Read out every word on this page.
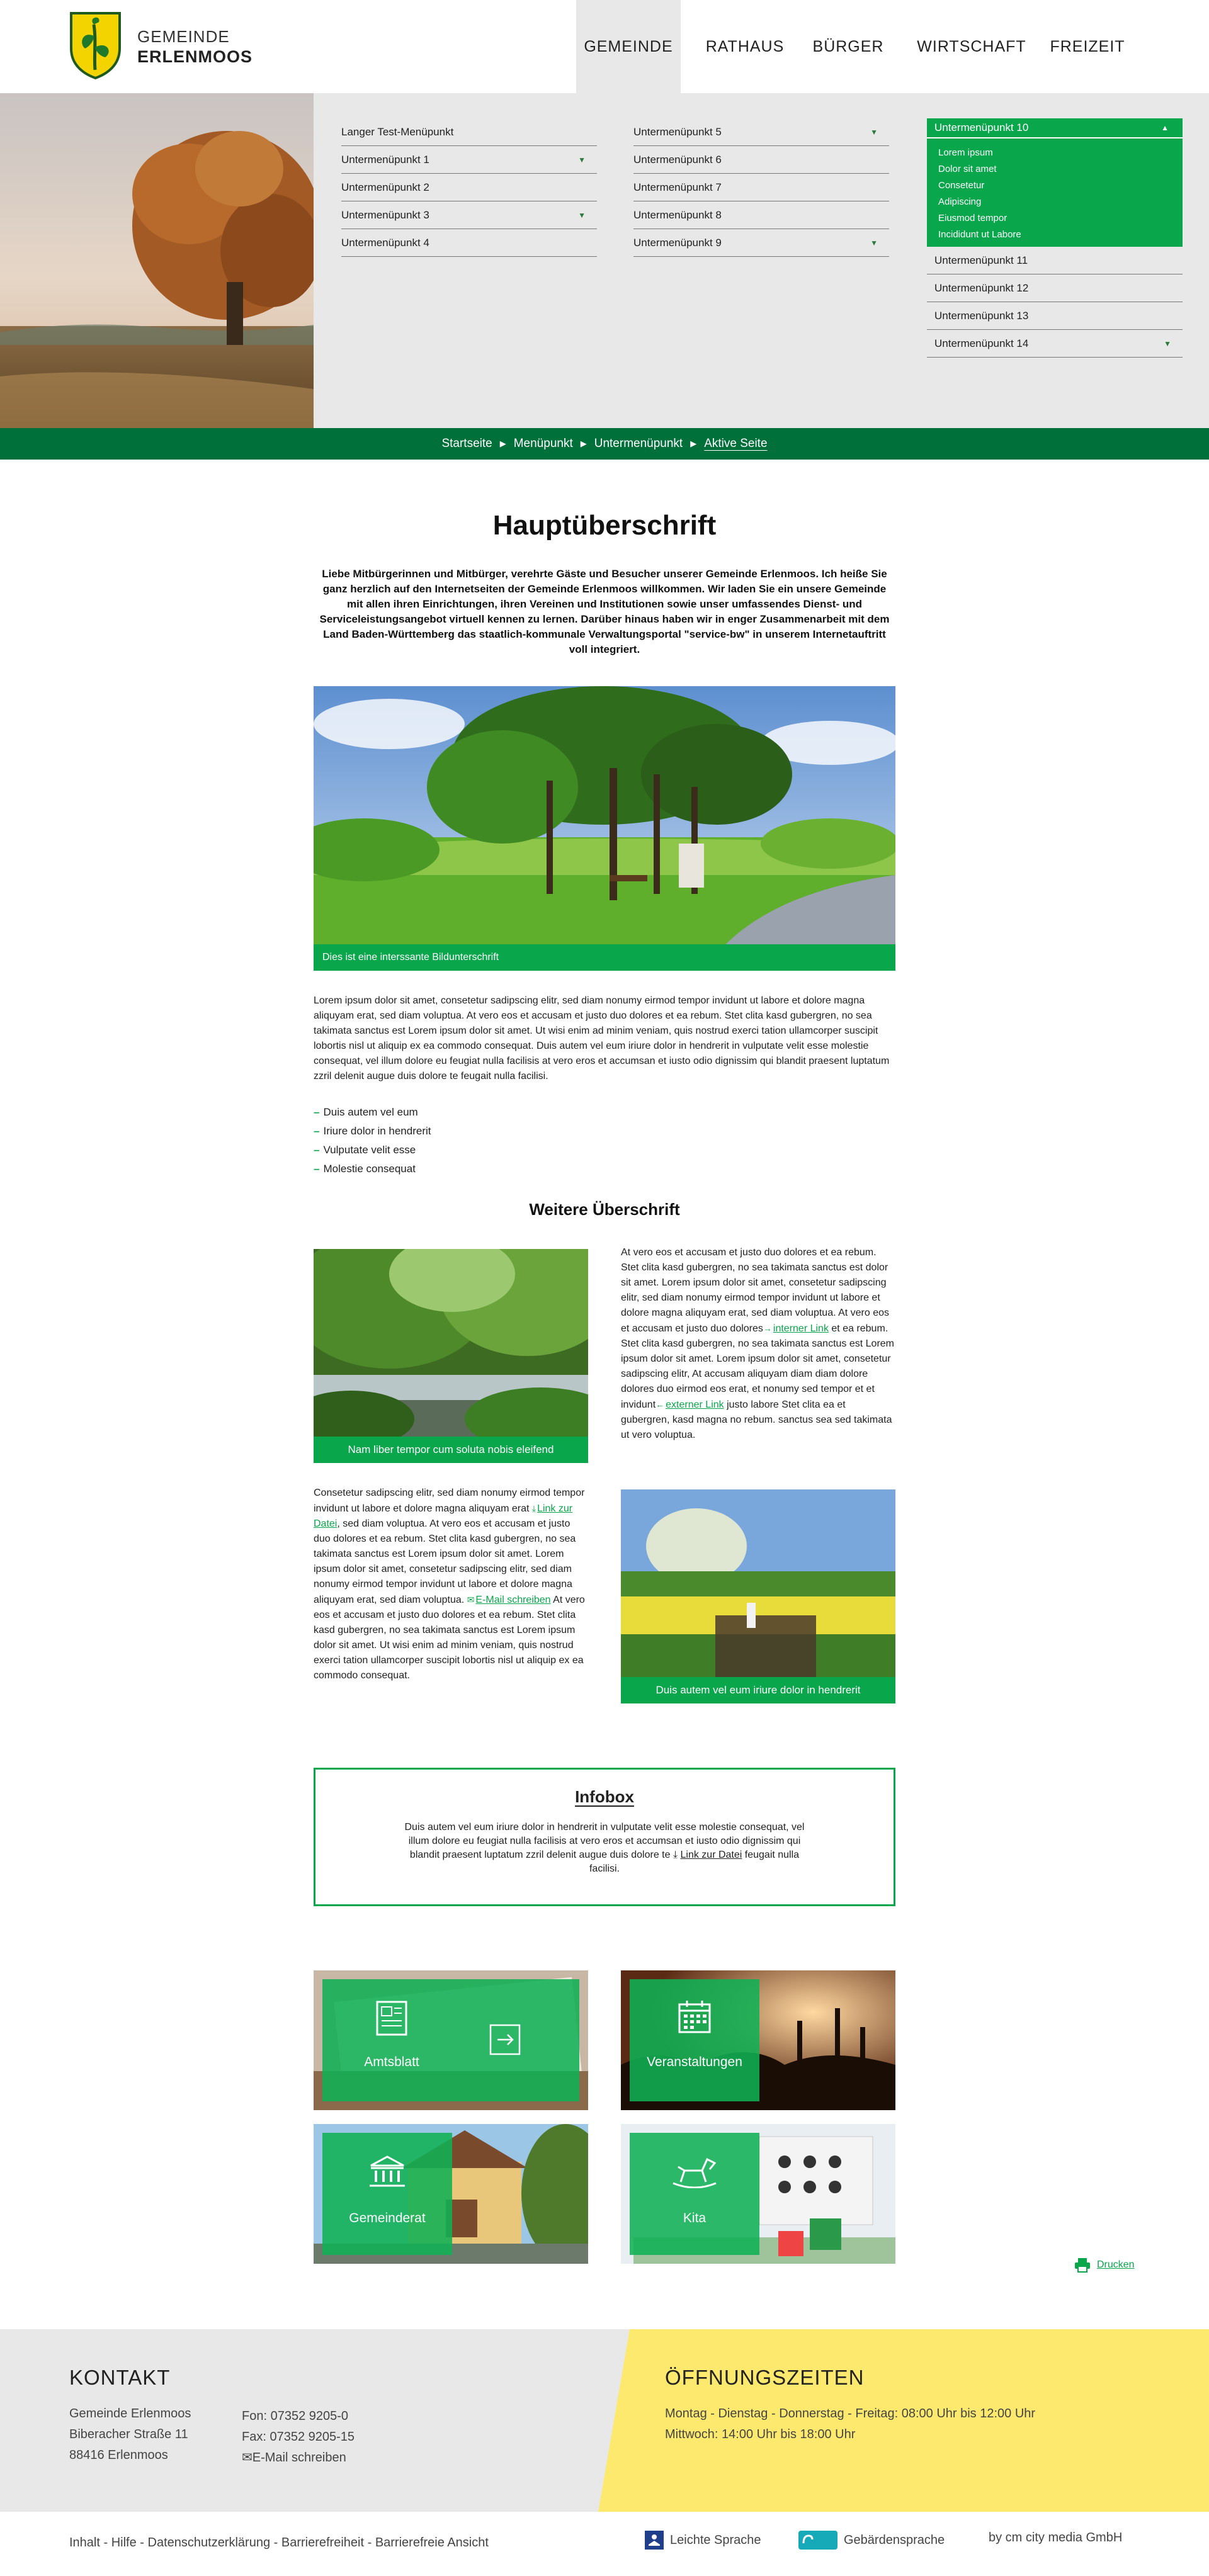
GEMEINDE
ERLENMOOS
GEMEINDE	RATHAUS	BÜRGER	WIRTSCHAFT	FREIZEIT
Langer Test-Menüpunkt
Untermenüpunkt 1	▼
Untermenüpunkt 2
Untermenüpunkt 3	▼
Untermenüpunkt 4
Untermenüpunkt 5	▼
Untermenüpunkt 6
Untermenüpunkt 7
Untermenüpunkt 8
Untermenüpunkt 9	▼
Untermenüpunkt 10	▲
Lorem ipsum
Dolor sit amet
Consetetur
Adipiscing
Eiusmod tempor
Incididunt ut Labore
Untermenüpunkt 11
Untermenüpunkt 12
Untermenüpunkt 13
Untermenüpunkt 14	▼
Startseite ▶ Menüpunkt ▶ Untermenüpunkt ▶ Aktive Seite
Hauptüberschrift

Liebe Mitbürgerinnen und Mitbürger, verehrte Gäste und Besucher unserer Gemeinde Erlenmoos. Ich heiße Sie ganz herzlich auf den Internetseiten der Gemeinde Erlenmoos willkommen. Wir laden Sie ein unsere Gemeinde mit allen ihren Einrichtungen, ihren Vereinen und Institutionen sowie unser umfassendes Dienst- und Serviceleistungsangebot virtuell kennen zu lernen. Darüber hinaus haben wir in enger Zusammenarbeit mit dem Land Baden-Württemberg das staatlich-kommunale Verwaltungsportal "service-bw" in unserem Internetauftritt voll integriert.

Dies ist eine interssante Bildunterschrift

Lorem ipsum dolor sit amet, consetetur sadipscing elitr, sed diam nonumy eirmod tempor invidunt ut labore et dolore magna aliquyam erat, sed diam voluptua. At vero eos et accusam et justo duo dolores et ea rebum. Stet clita kasd gubergren, no sea takimata sanctus est Lorem ipsum dolor sit amet. Ut wisi enim ad minim veniam, quis nostrud exerci tation ullamcorper suscipit lobortis nisl ut aliquip ex ea commodo consequat. Duis autem vel eum iriure dolor in hendrerit in vulputate velit esse molestie consequat, vel illum dolore eu feugiat nulla facilisis at vero eros et accumsan et iusto odio dignissim qui blandit praesent luptatum zzril delenit augue duis dolore te feugait nulla facilisi.

– Duis autem vel eum
– Iriure dolor in hendrerit
– Vulputate velit esse
– Molestie consequat
Weitere Überschrift
Nam liber tempor cum soluta nobis eleifend

At vero eos et accusam et justo duo dolores et ea rebum. Stet clita kasd gubergren, no sea takimata sanctus est dolor sit amet. Lorem ipsum dolor sit amet, consetetur sadipscing elitr, sed diam nonumy eirmod tempor invidunt ut labore et dolore magna aliquyam erat, sed diam voluptua. At vero eos et accusam et justo duo dolores→ interner Link et ea rebum. Stet clita kasd gubergren, no sea takimata sanctus est Lorem ipsum dolor sit amet. Lorem ipsum dolor sit amet, consetetur sadipscing elitr, At accusam aliquyam diam diam dolore dolores duo eirmod eos erat, et nonumy sed tempor et et invidunt← externer Link justo labore Stet clita ea et gubergren, kasd magna no rebum. sanctus sea sed takimata ut vero voluptua.

Consetetur sadipscing elitr, sed diam nonumy eirmod tempor invidunt ut labore et dolore magna aliquyam erat ⤓ Link zur Datei, sed diam voluptua. At vero eos et accusam et justo duo dolores et ea rebum. Stet clita kasd gubergren, no sea takimata sanctus est Lorem ipsum dolor sit amet. Lorem ipsum dolor sit amet, consetetur sadipscing elitr, sed diam nonumy eirmod tempor invidunt ut labore et dolore magna aliquyam erat, sed diam voluptua. ✉ E-Mail schreiben At vero eos et accusam et justo duo dolores et ea rebum. Stet clita kasd gubergren, no sea takimata sanctus est Lorem ipsum dolor sit amet. Ut wisi enim ad minim veniam, quis nostrud exerci tation ullamcorper suscipit lobortis nisl ut aliquip ex ea commodo consequat.

Duis autem vel eum iriure dolor in hendrerit
Infobox
Duis autem vel eum iriure dolor in hendrerit in vulputate velit esse molestie consequat, vel illum dolore eu feugiat nulla facilisis at vero eros et accumsan et iusto odio dignissim qui blandit praesent luptatum zzril delenit augue duis dolore te ⤓ Link zur Datei feugait nulla facilisi.
Amtsblatt	Veranstaltungen
Gemeinderat	Kita
Drucken
KONTAKT
Gemeinde Erlenmoos
Biberacher Straße 11
88416 Erlenmoos
Fon: 07352 9205-0
Fax: 07352 9205-15
✉E-Mail schreiben
ÖFFNUNGSZEITEN
Montag - Dienstag - Donnerstag - Freitag: 08:00 Uhr bis 12:00 Uhr
Mittwoch: 14:00 Uhr bis 18:00 Uhr
Inhalt - Hilfe - Datenschutzerklärung - Barrierefreiheit - Barrierefreie Ansicht	Leichte Sprache	Gebärdensprache	by cm city media GmbH
